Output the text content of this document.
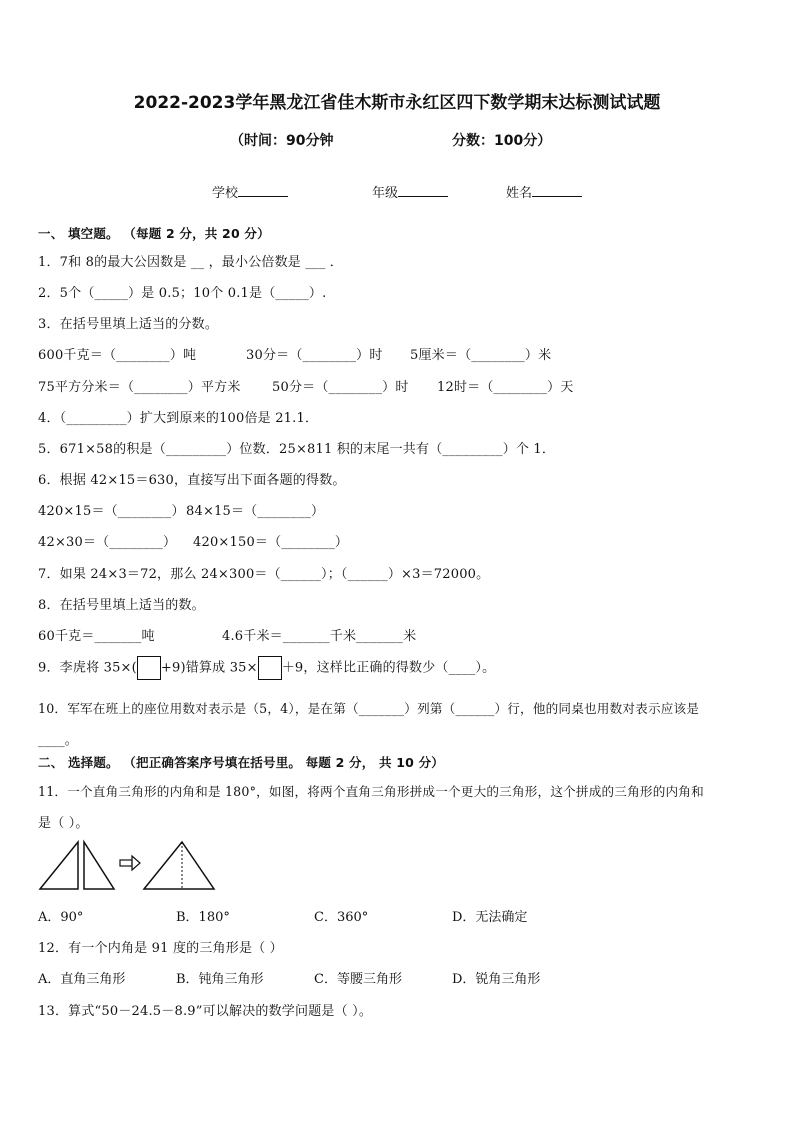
2022-2023学年黑龙江省佳木斯市永红区四下数学期末达标测试试题
（时间：90分钟	分数：100分）
学校	年级	姓名
一、 填空题。 （每题 2 分，共 20 分）
1．7和 8的最大公因数是 __ ，最小公倍数是 ___ ．
2．5个（_____）是 0.5；10个 0.1是（_____）.
3．在括号里填上适当的分数。
600千克＝（________）吨	30分＝（________）时 5厘米＝（________）米
75平方分米＝（________）平方米 50分＝（________）时 12时＝（________）天
4．（_________）扩大到原来的100倍是 21.1．
5．671×58的积是（_________）位数．25×811 积的末尾一共有（_________）个 1．
6．根据 42×15＝630，直接写出下面各题的得数。
420×15＝（________） 84×15＝（________）
42×30＝（________） 420×150＝（________）
7．如果 24×3＝72，那么 24×300＝（______）；（______）×3＝72000。
8．在括号里填上适当的数。
60千克＝_______吨	4.6千米＝_______千米_______米
9．李虎将 35×( +9)错算成 35× ＋9，这样比正确的得数少（____）。
10．军军在班上的座位用数对表示是（5，4），是在第（_______）列第（______）行，他的同桌也用数对表示应该是
____。
二、 选择题。 （把正确答案序号填在括号里。 每题 2 分， 共 10 分）
11．一个直角三角形的内角和是 180°，如图，将两个直角三角形拼成一个更大的三角形，这个拼成的三角形的内角和
是（ ）。
A．90°	B．180°	C．360°	D．无法确定
12．有一个内角是 91 度的三角形是（ ）
A．直角三角形	B．钝角三角形	C．等腰三角形	D．锐角三角形
13．算式“50－24.5－8.9”可以解决的数学问题是（ ）。
